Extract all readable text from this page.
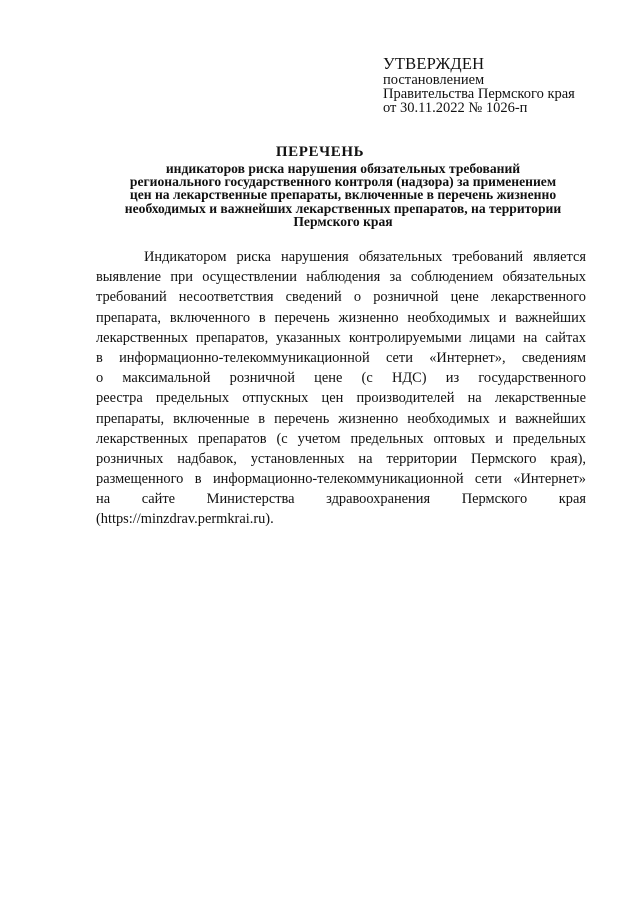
УТВЕРЖДЕН
постановлением
Правительства Пермского края
от 30.11.2022 № 1026-п
ПЕРЕЧЕНЬ
индикаторов риска нарушения обязательных требований
регионального государственного контроля (надзора) за применением
цен на лекарственные препараты, включенные в перечень жизненно
необходимых и важнейших лекарственных препаратов, на территории
Пермского края
Индикатором риска нарушения обязательных требований является
выявление при осуществлении наблюдения за соблюдением обязательных
требований несоответствия сведений о розничной цене лекарственного
препарата, включенного в перечень жизненно необходимых и важнейших
лекарственных препаратов, указанных контролируемыми лицами на сайтах
в информационно-телекоммуникационной сети «Интернет», сведениям
о максимальной розничной цене (с НДС) из государственного
реестра предельных отпускных цен производителей на лекарственные
препараты, включенные в перечень жизненно необходимых и важнейших
лекарственных препаратов (с учетом предельных оптовых и предельных
розничных надбавок, установленных на территории Пермского края),
размещенного в информационно-телекоммуникационной сети «Интернет»
на сайте Министерства здравоохранения Пермского края
(https://minzdrav.permkrai.ru).
